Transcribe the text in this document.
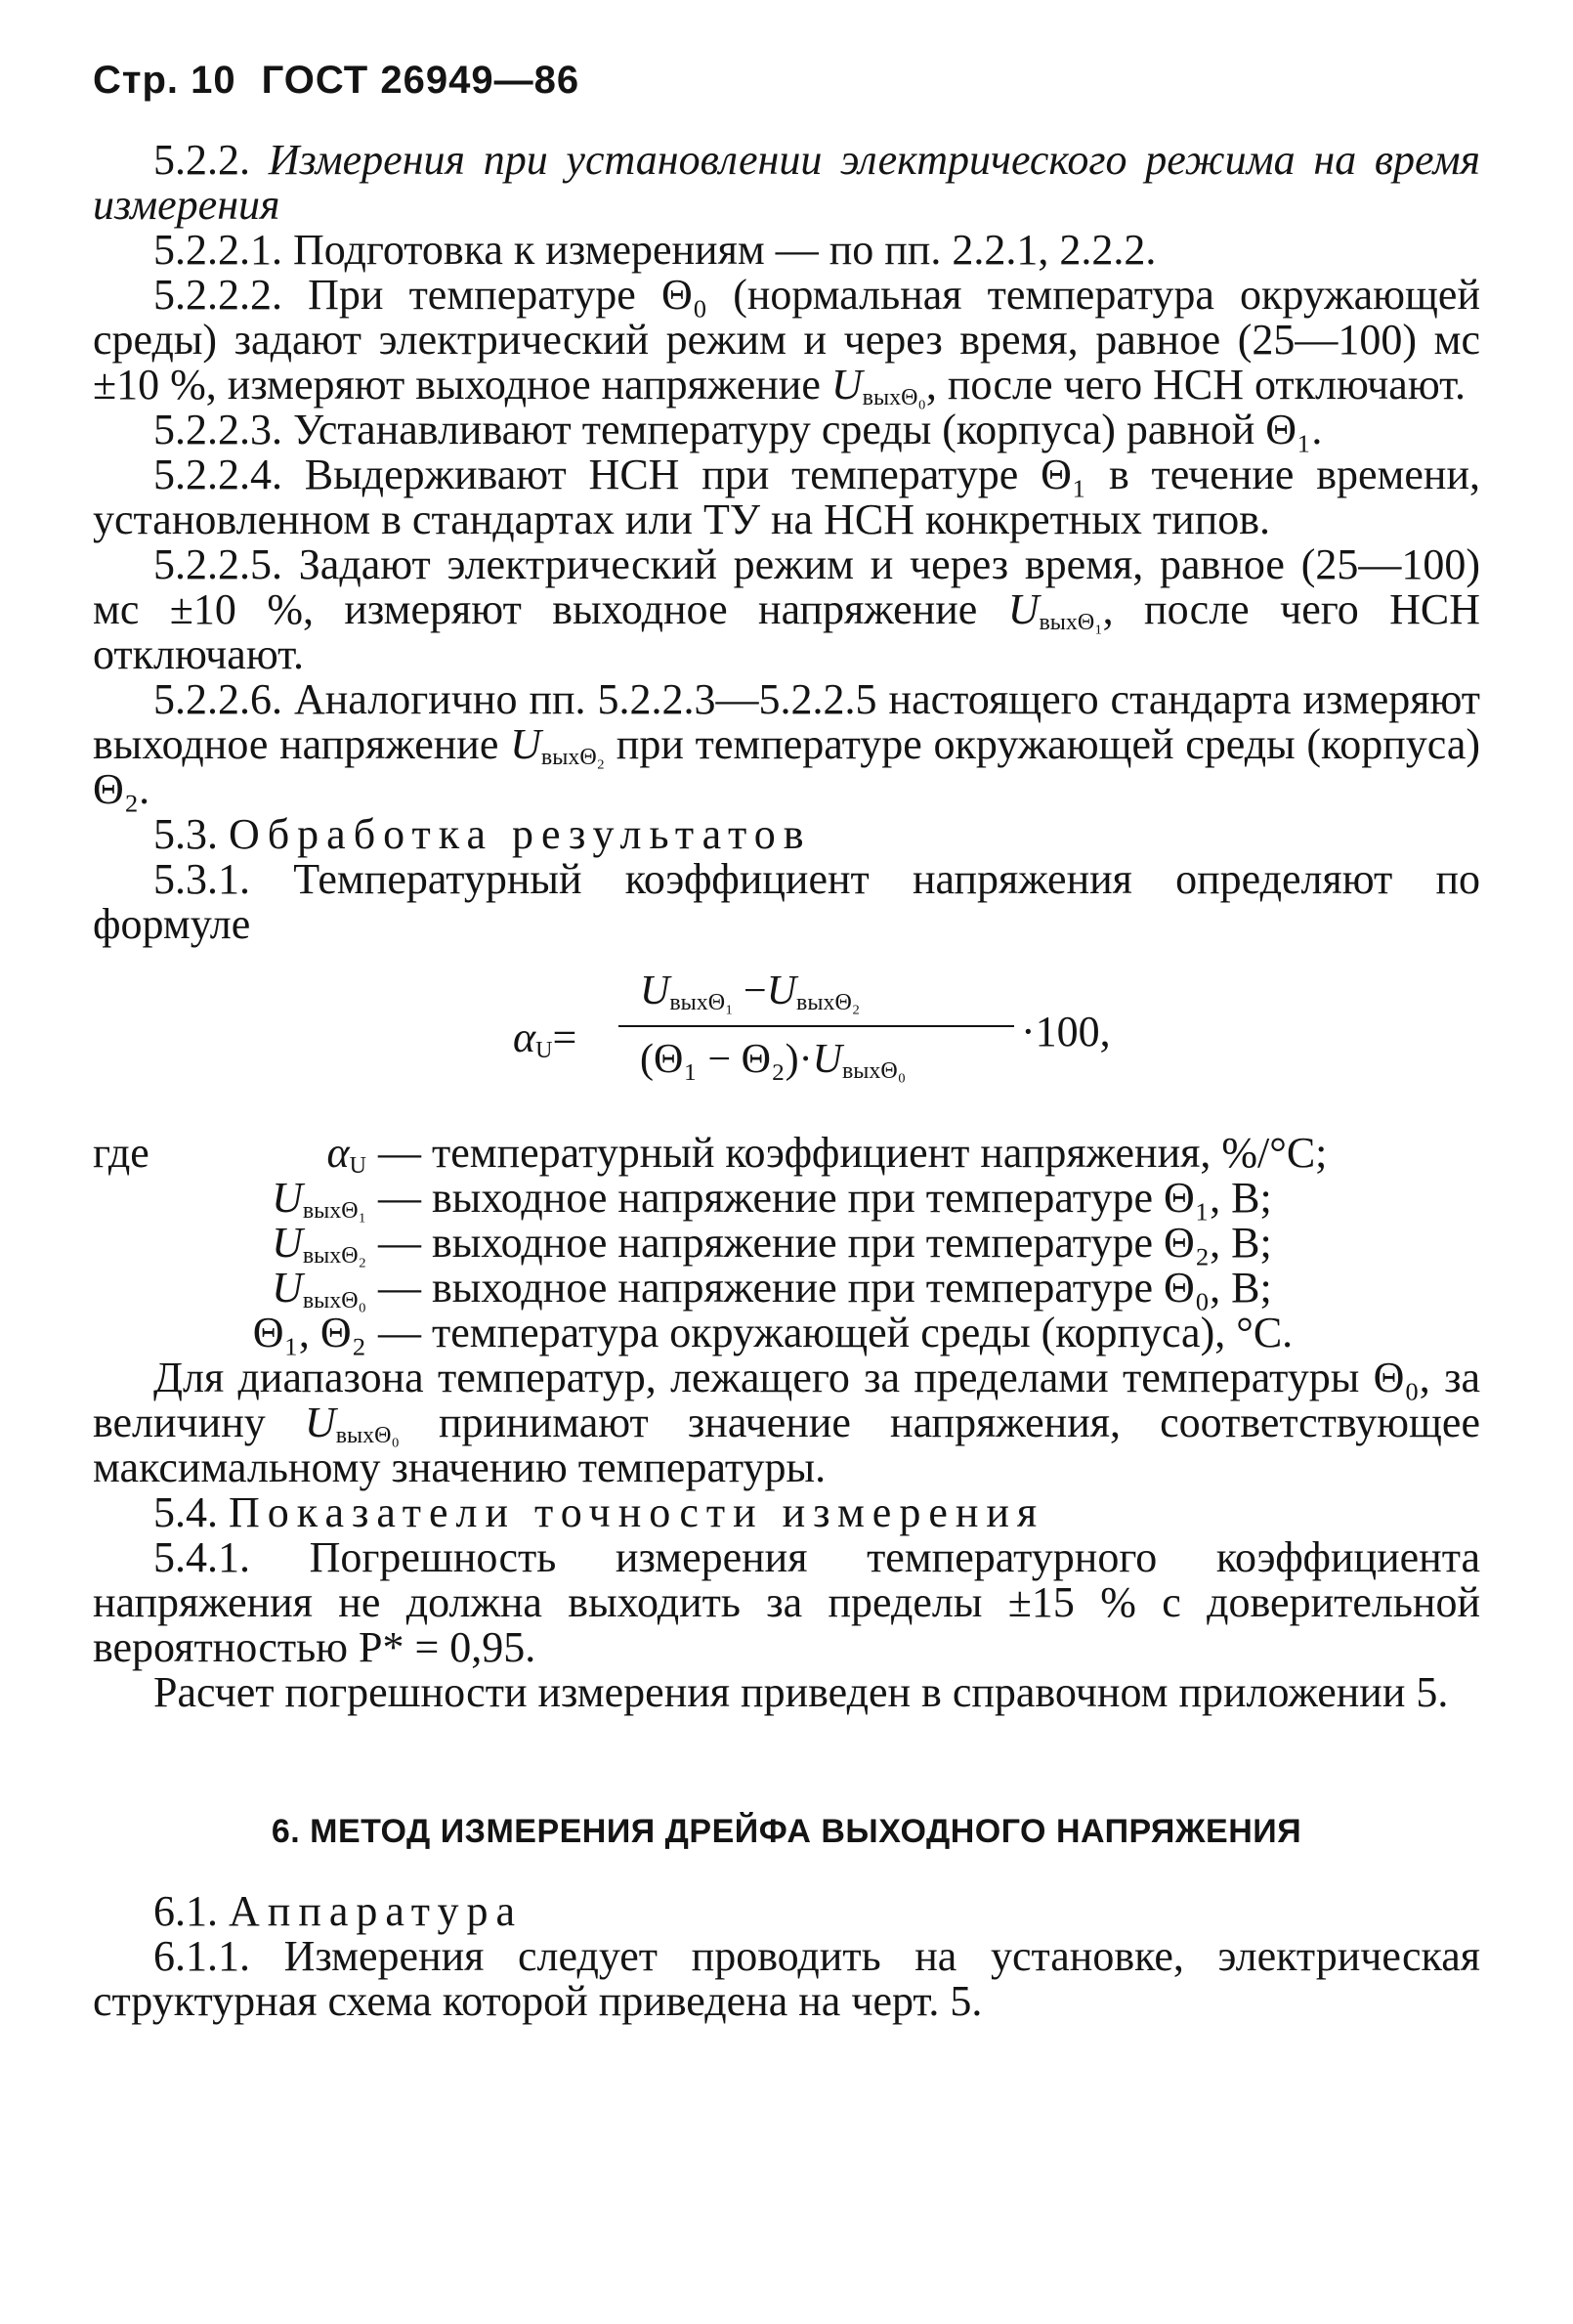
Стр. 10 ГОСТ 26949—86

5.2.2. Измерения при установлении электрического режима на время измерения

5.2.2.1. Подготовка к измерениям — по пп. 2.2.1, 2.2.2.

5.2.2.2. При температуре Θ₀ (нормальная температура окружающей среды) задают электрический режим и через время, равное (25—100) мс ±10 %, измеряют выходное напряжение $U_{вых\Theta_0}$, после чего НСН отключают.

5.2.2.3. Устанавливают температуру среды (корпуса) равной Θ₁.

5.2.2.4. Выдерживают НСН при температуре Θ₁ в течение времени, установленном в стандартах или ТУ на НСН конкретных типов.

5.2.2.5. Задают электрический режим и через время, равное (25—100) мс ±10 %, измеряют выходное напряжение $U_{вых\Theta_1}$, после чего НСН отключают.

5.2.2.6. Аналогично пп. 5.2.2.3—5.2.2.5 настоящего стандарта измеряют выходное напряжение $U_{вых\Theta_2}$ при температуре окружающей среды (корпуса) Θ₂.

5.3. Обработка результатов

5.3.1. Температурный коэффициент напряжения определяют по формуле

$\alpha_U=$
$U_{вых\Theta_1} -U_{вых\Theta_2}$
$(\Theta_1 - \Theta_2)\cdot U_{вых\Theta_0}$
·100,
где	$\alpha_U$ — температурный коэффициент напряжения, %/°С;
$U_{вых\Theta_1}$ — выходное напряжение при температуре Θ₁, В;
$U_{вых\Theta_2}$ — выходное напряжение при температуре Θ₂, В;
$U_{вых\Theta_0}$ — выходное напряжение при температуре Θ₀, В;
Θ₁, Θ₂ — температура окружающей среды (корпуса), °С.

Для диапазона температур, лежащего за пределами температуры Θ₀, за величину $U_{вых\Theta_0}$ принимают значение напряжения, соответствующее максимальному значению температуры.

5.4. Показатели точности измерения

5.4.1. Погрешность измерения температурного коэффициента напряжения не должна выходить за пределы ±15 % с доверительной вероятностью P* = 0,95.

Расчет погрешности измерения приведен в справочном приложении 5.

6. МЕТОД ИЗМЕРЕНИЯ ДРЕЙФА ВЫХОДНОГО НАПРЯЖЕНИЯ

6.1. Аппаратура

6.1.1. Измерения следует проводить на установке, электрическая структурная схема которой приведена на черт. 5.
